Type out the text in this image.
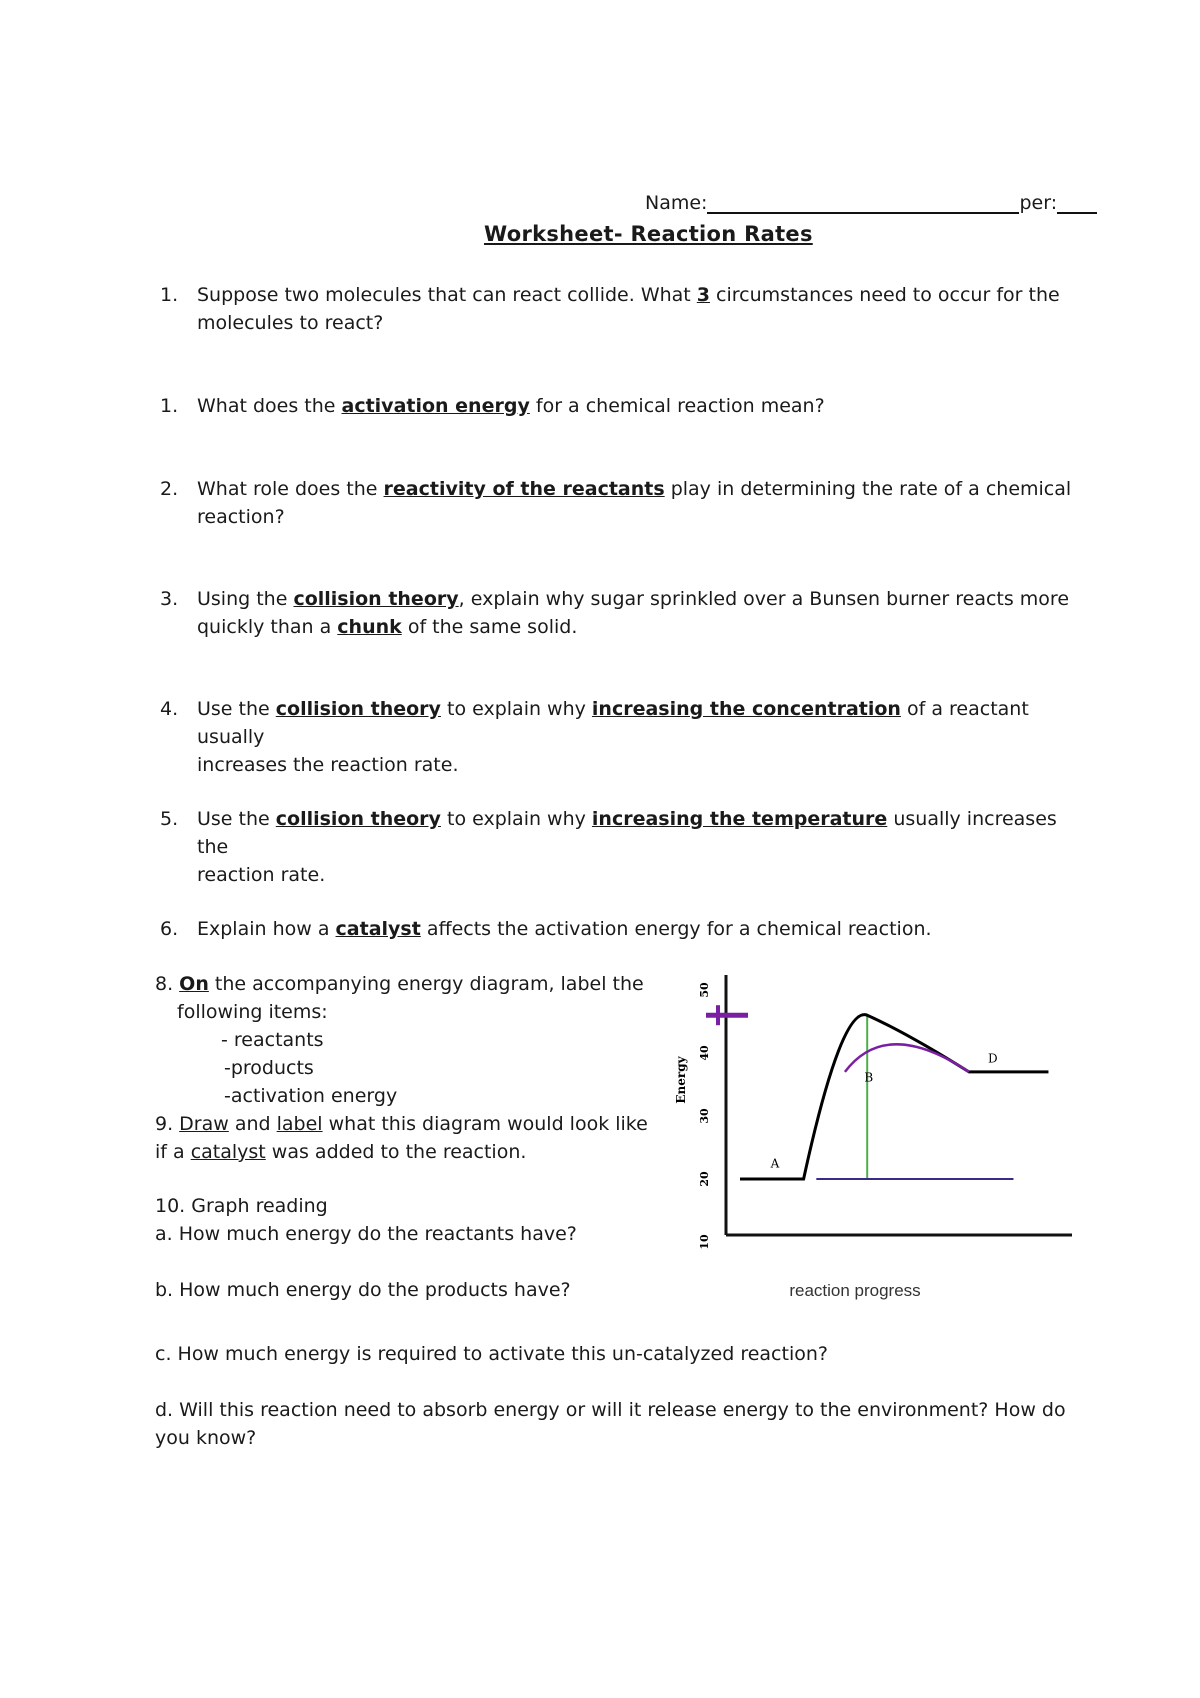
Name:	per:
Worksheet- Reaction Rates
1. Suppose two molecules that can react collide. What 3 circumstances need to occur for the
molecules to react?
1. What does the activation energy for a chemical reaction mean?
2. What role does the reactivity of the reactants play in determining the rate of a chemical
reaction?
3. Using the collision theory, explain why sugar sprinkled over a Bunsen burner reacts more
quickly than a chunk of the same solid.
4. Use the collision theory to explain why increasing the concentration of a reactant usually
increases the reaction rate.
5. Use the collision theory to explain why increasing the temperature usually increases the
reaction rate.
6. Explain how a catalyst affects the activation energy for a chemical reaction.
8. On the accompanying energy diagram, label the
following items:
- reactants
-products
-activation energy
9. Draw and label what this diagram would look like
if a catalyst was added to the reaction.
10. Graph reading
a. How much energy do the reactants have?
b. How much energy do the products have?
c. How much energy is required to activate this un-catalyzed reaction?
d. Will this reaction need to absorb energy or will it release energy to the environment? How do
you know?
10
20
30
40
50
Energy
A
B
D
reaction progress
